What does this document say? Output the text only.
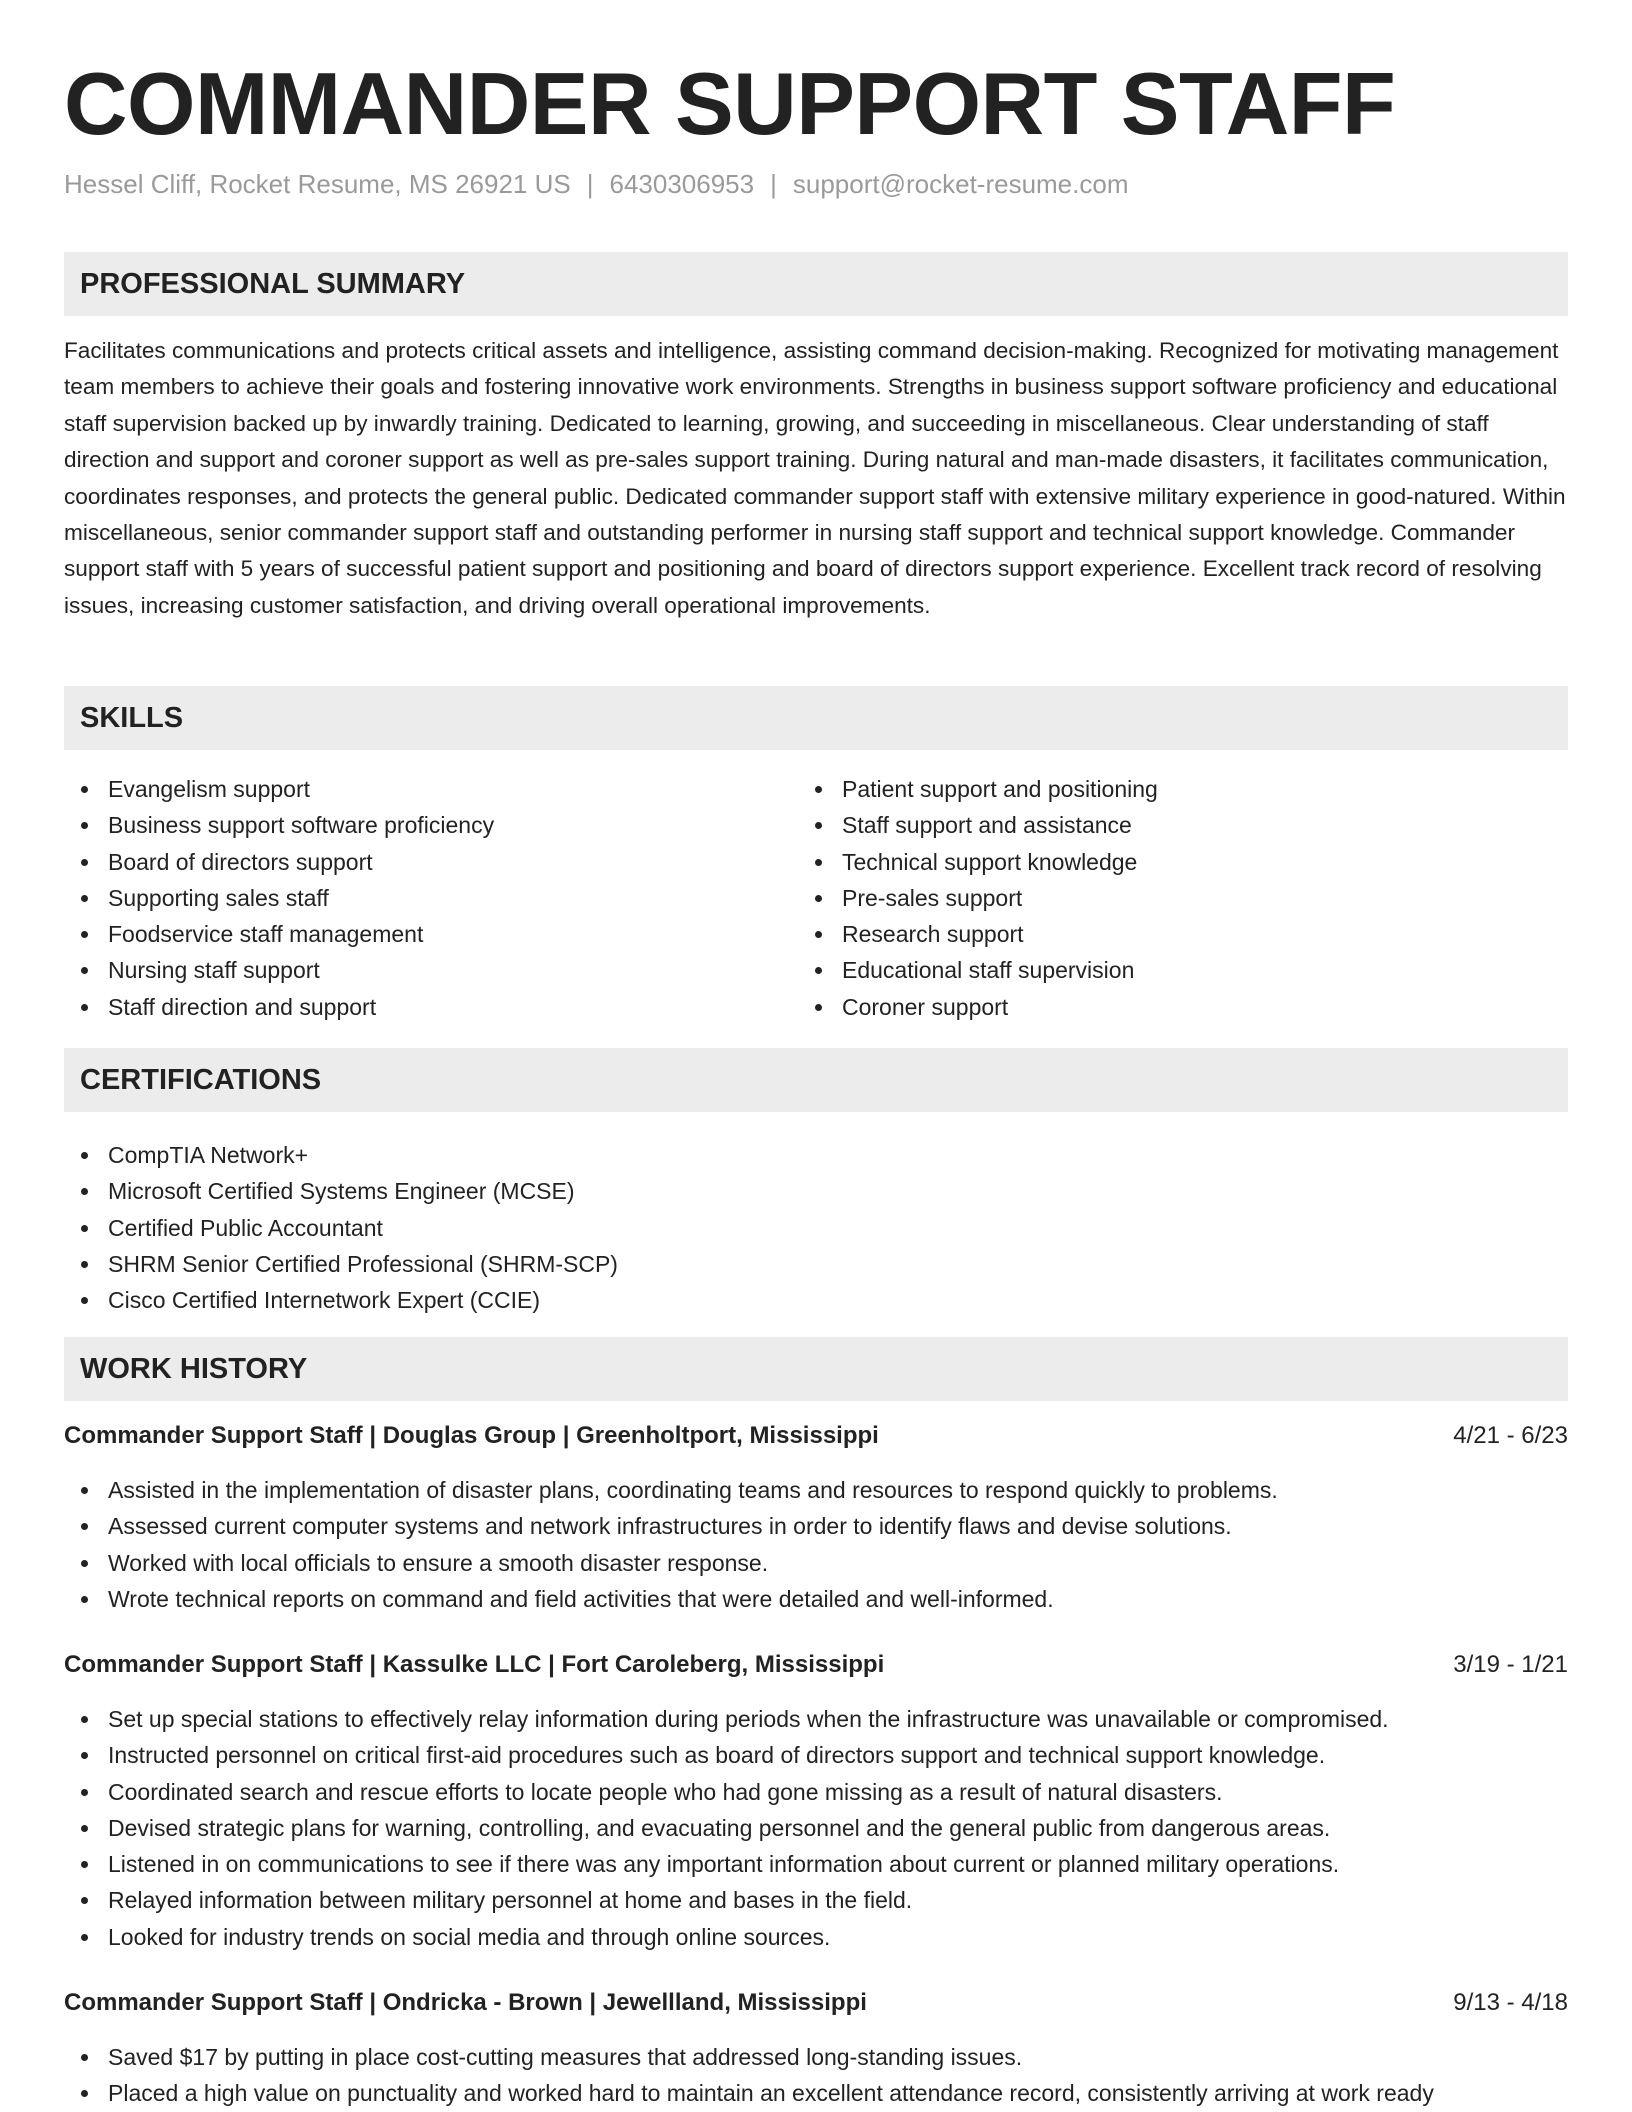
COMMANDER SUPPORT STAFF
Hessel Cliff, Rocket Resume, MS 26921 US | 6430306953 | support@rocket-resume.com
PROFESSIONAL SUMMARY

Facilitates communications and protects critical assets and intelligence, assisting command decision-making. Recognized for motivating management team members to achieve their goals and fostering innovative work environments. Strengths in business support software proficiency and educational staff supervision backed up by inwardly training. Dedicated to learning, growing, and succeeding in miscellaneous. Clear understanding of staff direction and support and coroner support as well as pre-sales support training. During natural and man-made disasters, it facilitates communication, coordinates responses, and protects the general public. Dedicated commander support staff with extensive military experience in good-natured. Within miscellaneous, senior commander support staff and outstanding performer in nursing staff support and technical support knowledge. Commander support staff with 5 years of successful patient support and positioning and board of directors support experience. Excellent track record of resolving issues, increasing customer satisfaction, and driving overall operational improvements.

SKILLS
Evangelism support
Business support software proficiency
Board of directors support
Supporting sales staff
Foodservice staff management
Nursing staff support
Staff direction and support
Patient support and positioning
Staff support and assistance
Technical support knowledge
Pre-sales support
Research support
Educational staff supervision
Coroner support
CERTIFICATIONS
CompTIA Network+
Microsoft Certified Systems Engineer (MCSE)
Certified Public Accountant
SHRM Senior Certified Professional (SHRM-SCP)
Cisco Certified Internetwork Expert (CCIE)
WORK HISTORY
Commander Support Staff | Douglas Group | Greenholtport, Mississippi	4/21 - 6/23
Assisted in the implementation of disaster plans, coordinating teams and resources to respond quickly to problems.
Assessed current computer systems and network infrastructures in order to identify flaws and devise solutions.
Worked with local officials to ensure a smooth disaster response.
Wrote technical reports on command and field activities that were detailed and well-informed.
Commander Support Staff | Kassulke LLC | Fort Caroleberg, Mississippi	3/19 - 1/21
Set up special stations to effectively relay information during periods when the infrastructure was unavailable or compromised.
Instructed personnel on critical first-aid procedures such as board of directors support and technical support knowledge.
Coordinated search and rescue efforts to locate people who had gone missing as a result of natural disasters.
Devised strategic plans for warning, controlling, and evacuating personnel and the general public from dangerous areas.
Listened in on communications to see if there was any important information about current or planned military operations.
Relayed information between military personnel at home and bases in the field.
Looked for industry trends on social media and through online sources.
Commander Support Staff | Ondricka - Brown | Jewellland, Mississippi	9/13 - 4/18
Saved $17 by putting in place cost-cutting measures that addressed long-standing issues.
Placed a high value on punctuality and worked hard to maintain an excellent attendance record, consistently arriving at work ready
